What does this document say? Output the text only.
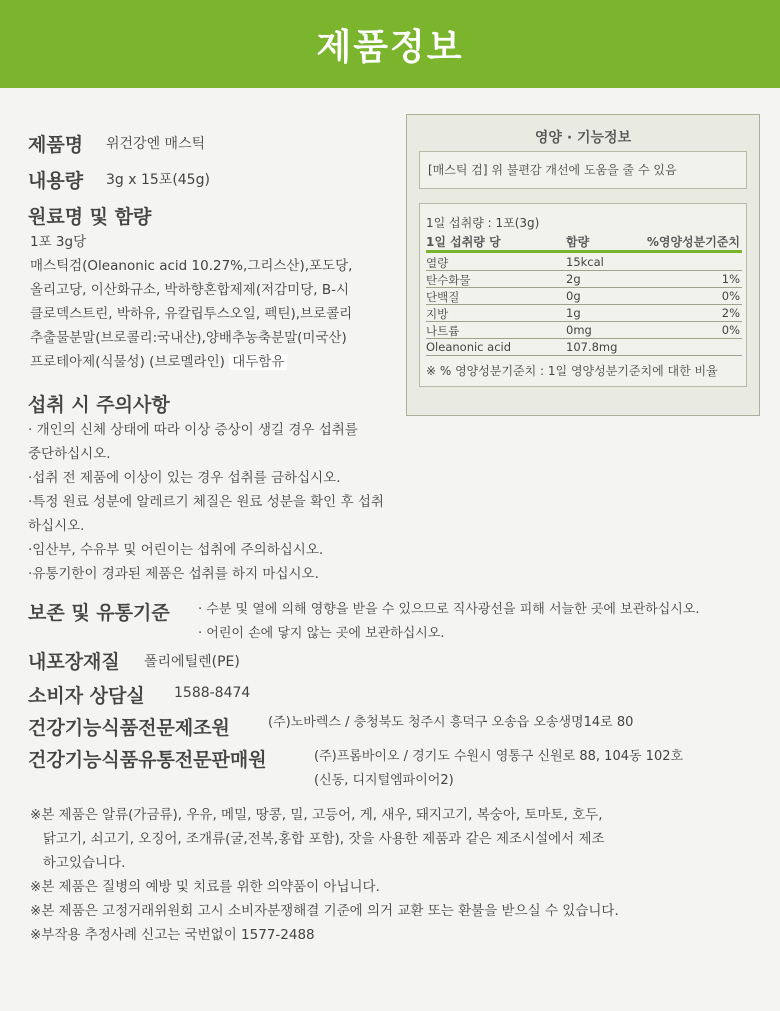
제품정보
제품명 위건강엔 매스틱
내용량 3g x 15포(45g)
원료명 및 함량
1포 3g당
매스틱검(Oleanonic acid 10.27%,그리스산),포도당,
올리고당, 이산화규소, 박하향혼합제제(저감미당, B-시
클로덱스트린, 박하유, 유칼립투스오일, 펙틴),브로콜리
추출물분말(브로콜리:국내산),양배추농축분말(미국산)
프로테아제(식물성) (브로멜라인) 대두함유
섭취 시 주의사항
· 개인의 신체 상태에 따라 이상 증상이 생길 경우 섭취를
중단하십시오.
·섭취 전 제품에 이상이 있는 경우 섭취를 금하십시오.
·특정 원료 성분에 알레르기 체질은 원료 성분을 확인 후 섭취
하십시오.
·임산부, 수유부 및 어린이는 섭취에 주의하십시오.
·유통기한이 경과된 제품은 섭취를 하지 마십시오.
보존 및 유통기준 · 수분 및 열에 의해 영향을 받을 수 있으므로 직사광선을 피해 서늘한 곳에 보관하십시오.
· 어린이 손에 닿지 않는 곳에 보관하십시오.
내포장재질 폴리에틸렌(PE)
소비자 상담실 1588-8474
건강기능식품전문제조원	(주)노바렉스 / 충청북도 청주시 흥덕구 오송읍 오송생명14로 80
건강기능식품유통전문판매원	(주)프롬바이오 / 경기도 수원시 영통구 신원로 88, 104동 102호
(신동, 디지털엠파이어2)
※본 제품은 알류(가금류), 우유, 메밀, 땅콩, 밀, 고등어, 게, 새우, 돼지고기, 복숭아, 토마토, 호두,
닭고기, 쇠고기, 오징어, 조개류(굴,전복,홍합 포함), 잣을 사용한 제품과 같은 제조시설에서 제조
하고있습니다.
※본 제품은 질병의 예방 및 치료를 위한 의약품이 아닙니다.
※본 제품은 고정거래위원회 고시 소비자분쟁해결 기준에 의거 교환 또는 환불을 받으실 수 있습니다.
※부작용 추정사례 신고는 국번없이 1577-2488
영양 · 기능정보
[매스틱 검] 위 불편감 개선에 도움을 줄 수 있음
1일 섭취량 : 1포(3g)
1일 섭취량 당	함량	%영양성분기준치
열량	15kcal
탄수화물	2g	1%
단백질	0g	0%
지방	1g	2%
나트륨	0mg	0%
Oleanonic acid	107.8mg
※ % 영양성분기준치 : 1일 영양성분기준치에 대한 비율
